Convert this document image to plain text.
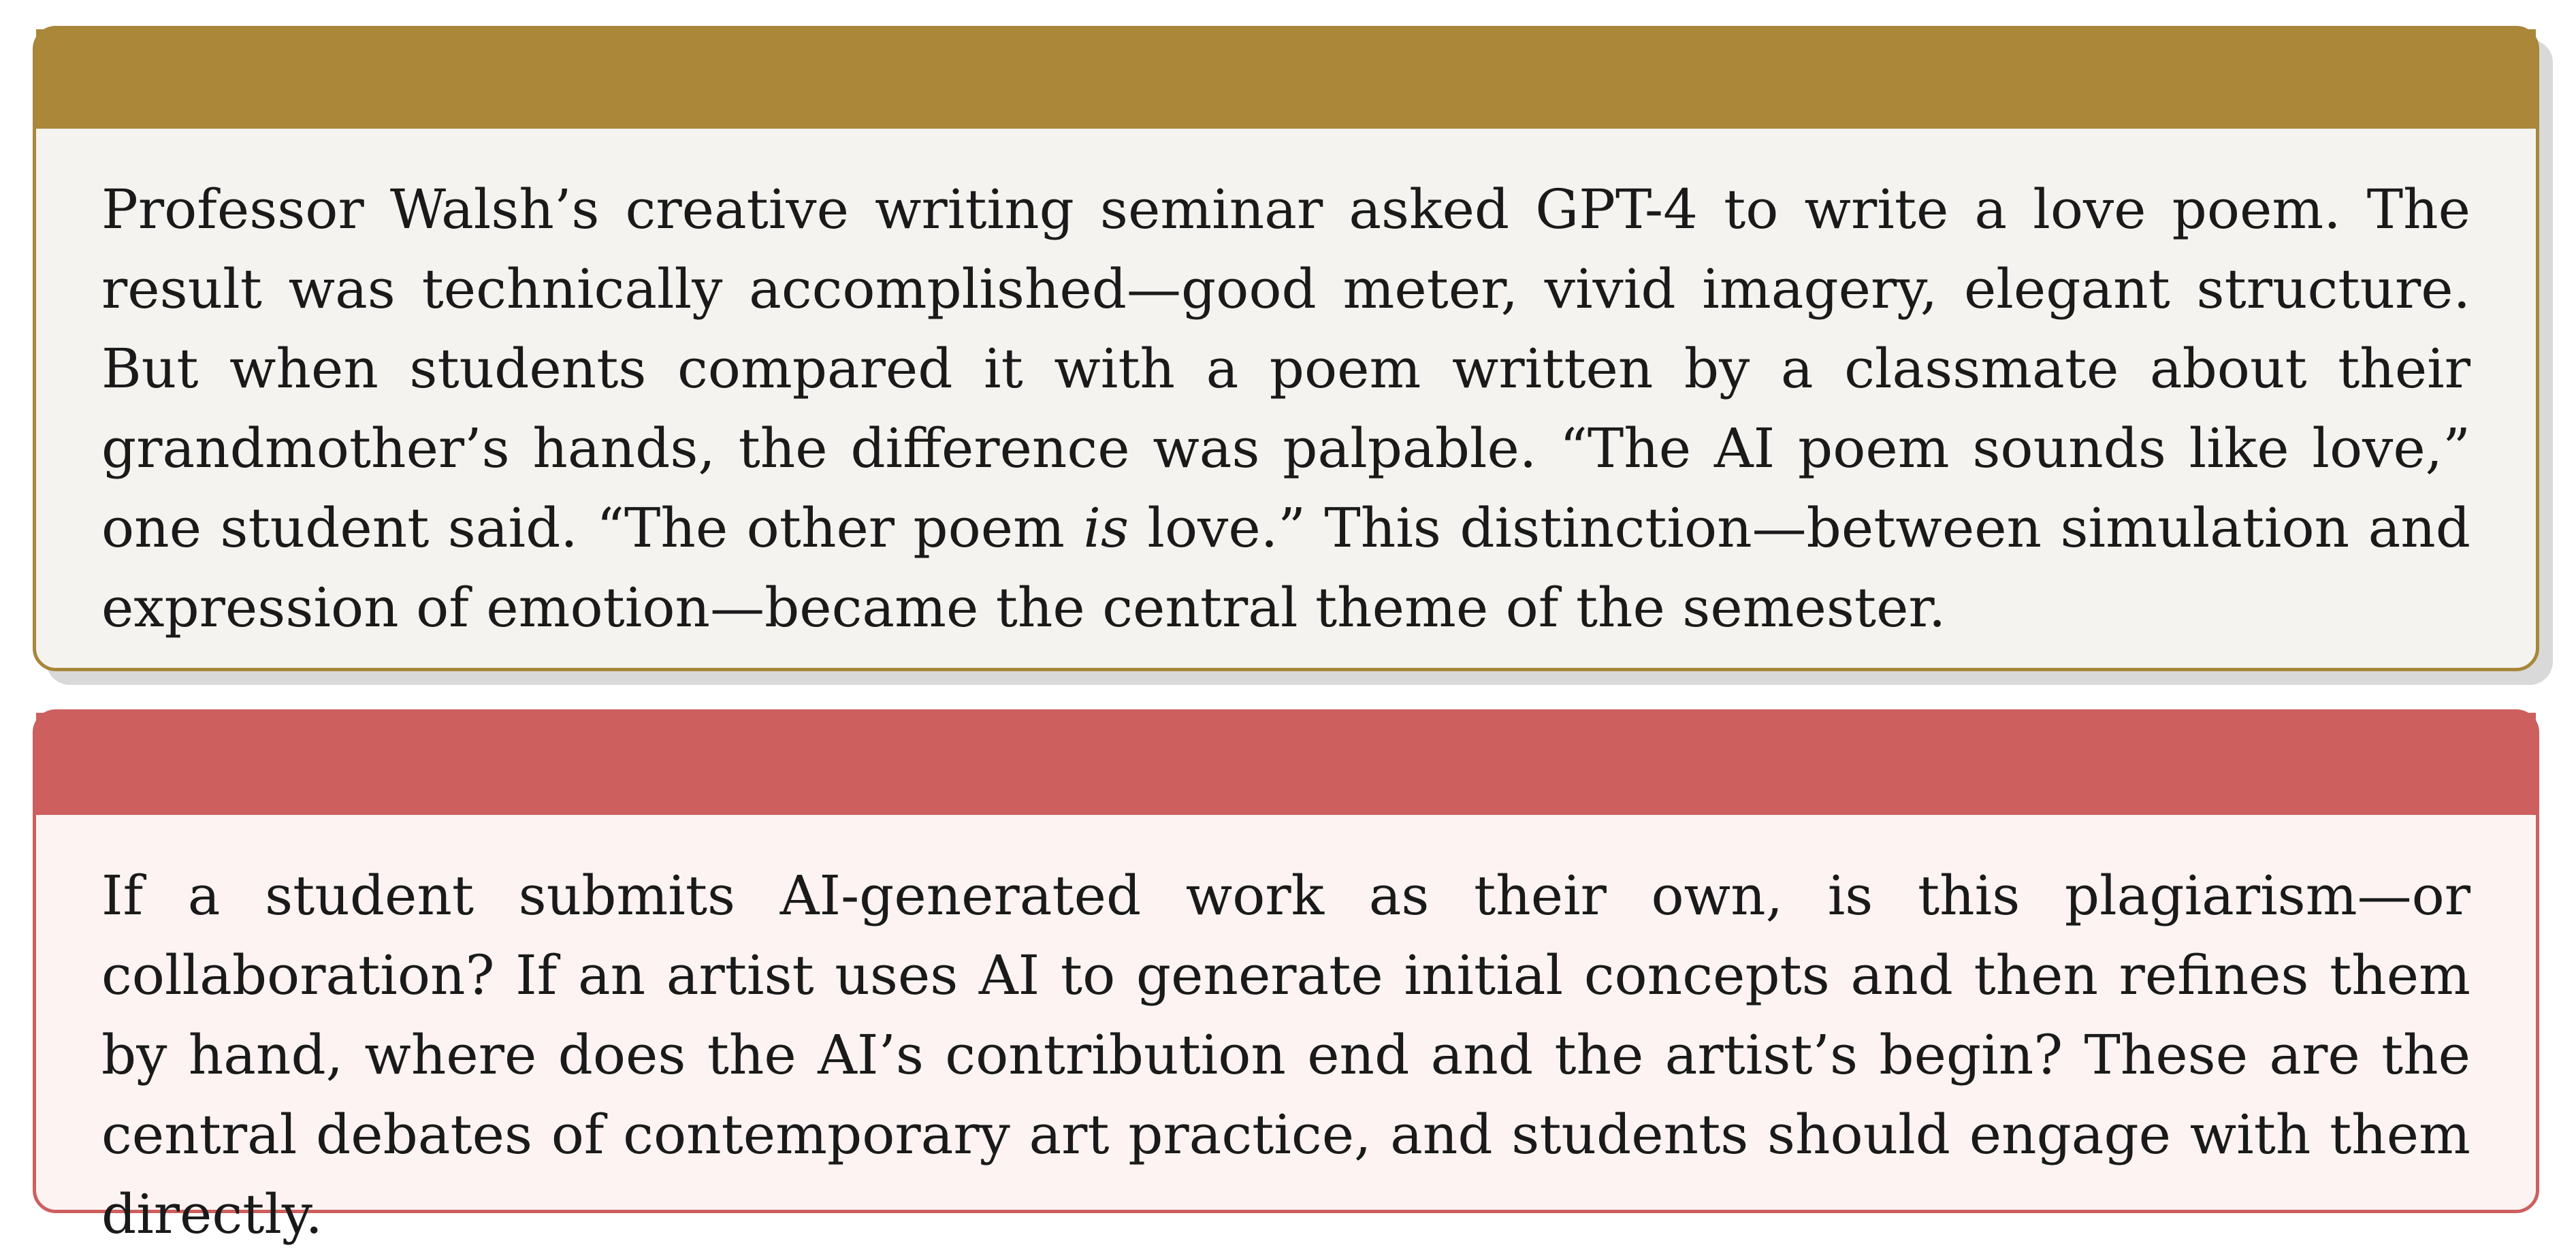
Professor Walsh’s creative writing seminar asked GPT-4 to write a love poem. The result was technically accomplished—good meter, vivid imagery, elegant structure. But when students compared it with a poem written by a classmate about their grandmother’s hands, the difference was palpable. “The AI poem sounds like love,” one student said. “The other poem is love.” This distinction—between simulation and expression of emotion—became the central theme of the semester.

If a student submits AI-generated work as their own, is this plagiarism—or collaboration? If an artist uses AI to generate initial concepts and then refines them by hand, where does the AI’s contribution end and the artist’s begin? These are the central debates of contemporary art practice, and students should engage with them directly.
